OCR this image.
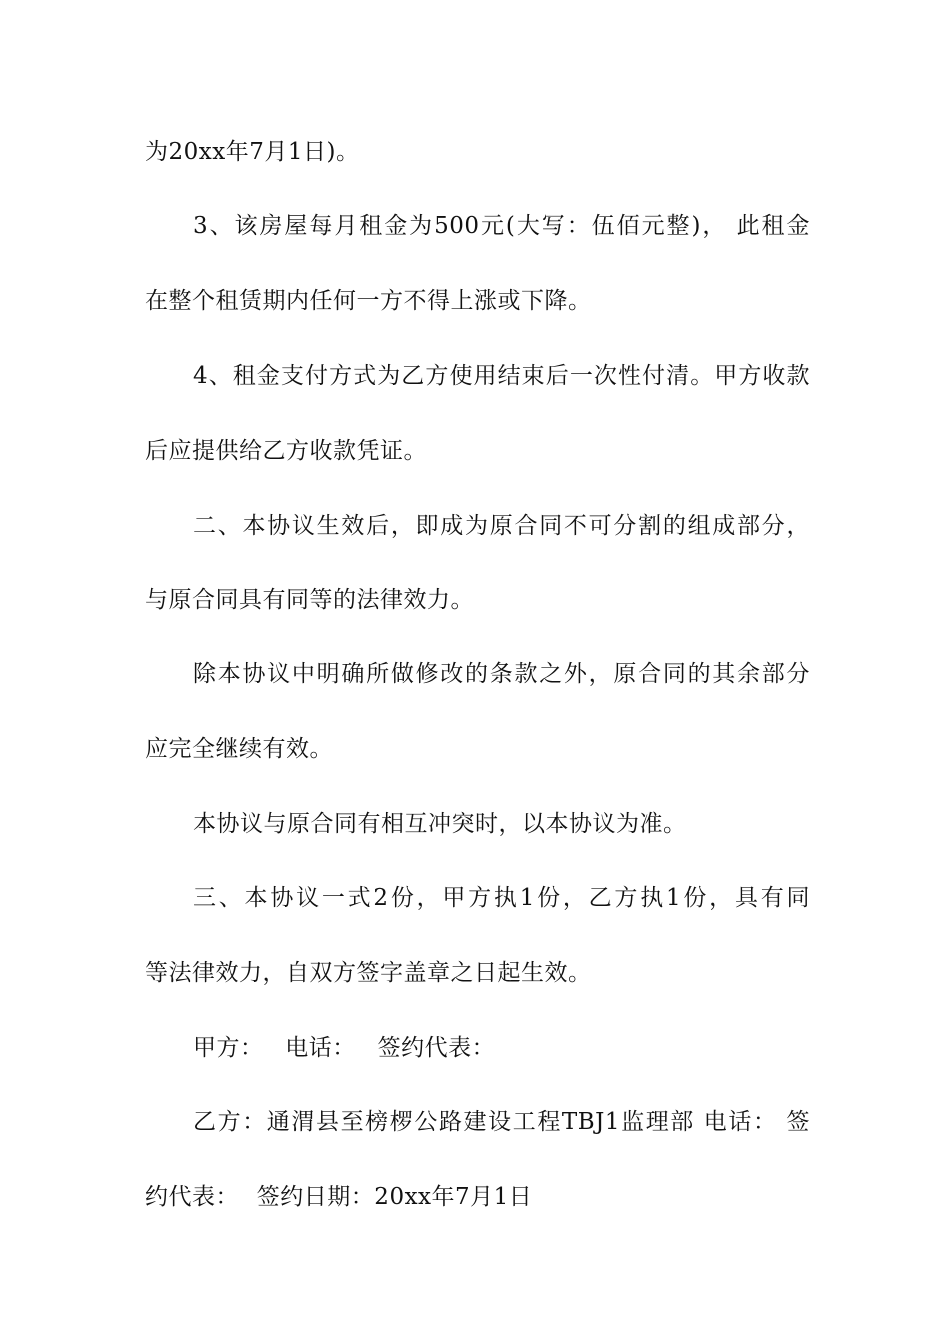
为20xx年7月1日)。
3、该房屋每月租金为500元(大写：伍佰元整)， 此租金
在整个租赁期内任何一方不得上涨或下降。
4、租金支付方式为乙方使用结束后一次性付清。甲方收款
后应提供给乙方收款凭证。
二、本协议生效后，即成为原合同不可分割的组成部分，
与原合同具有同等的法律效力。
除本协议中明确所做修改的条款之外，原合同的其余部分
应完全继续有效。
本协议与原合同有相互冲突时，以本协议为准。
三、本协议一式2份，甲方执1份，乙方执1份，具有同
等法律效力，自双方签字盖章之日起生效。
甲方： 电话： 签约代表：
乙方：通渭县至榜椤公路建设工程TBJ1监理部 电话： 签
约代表： 签约日期：20xx年7月1日
